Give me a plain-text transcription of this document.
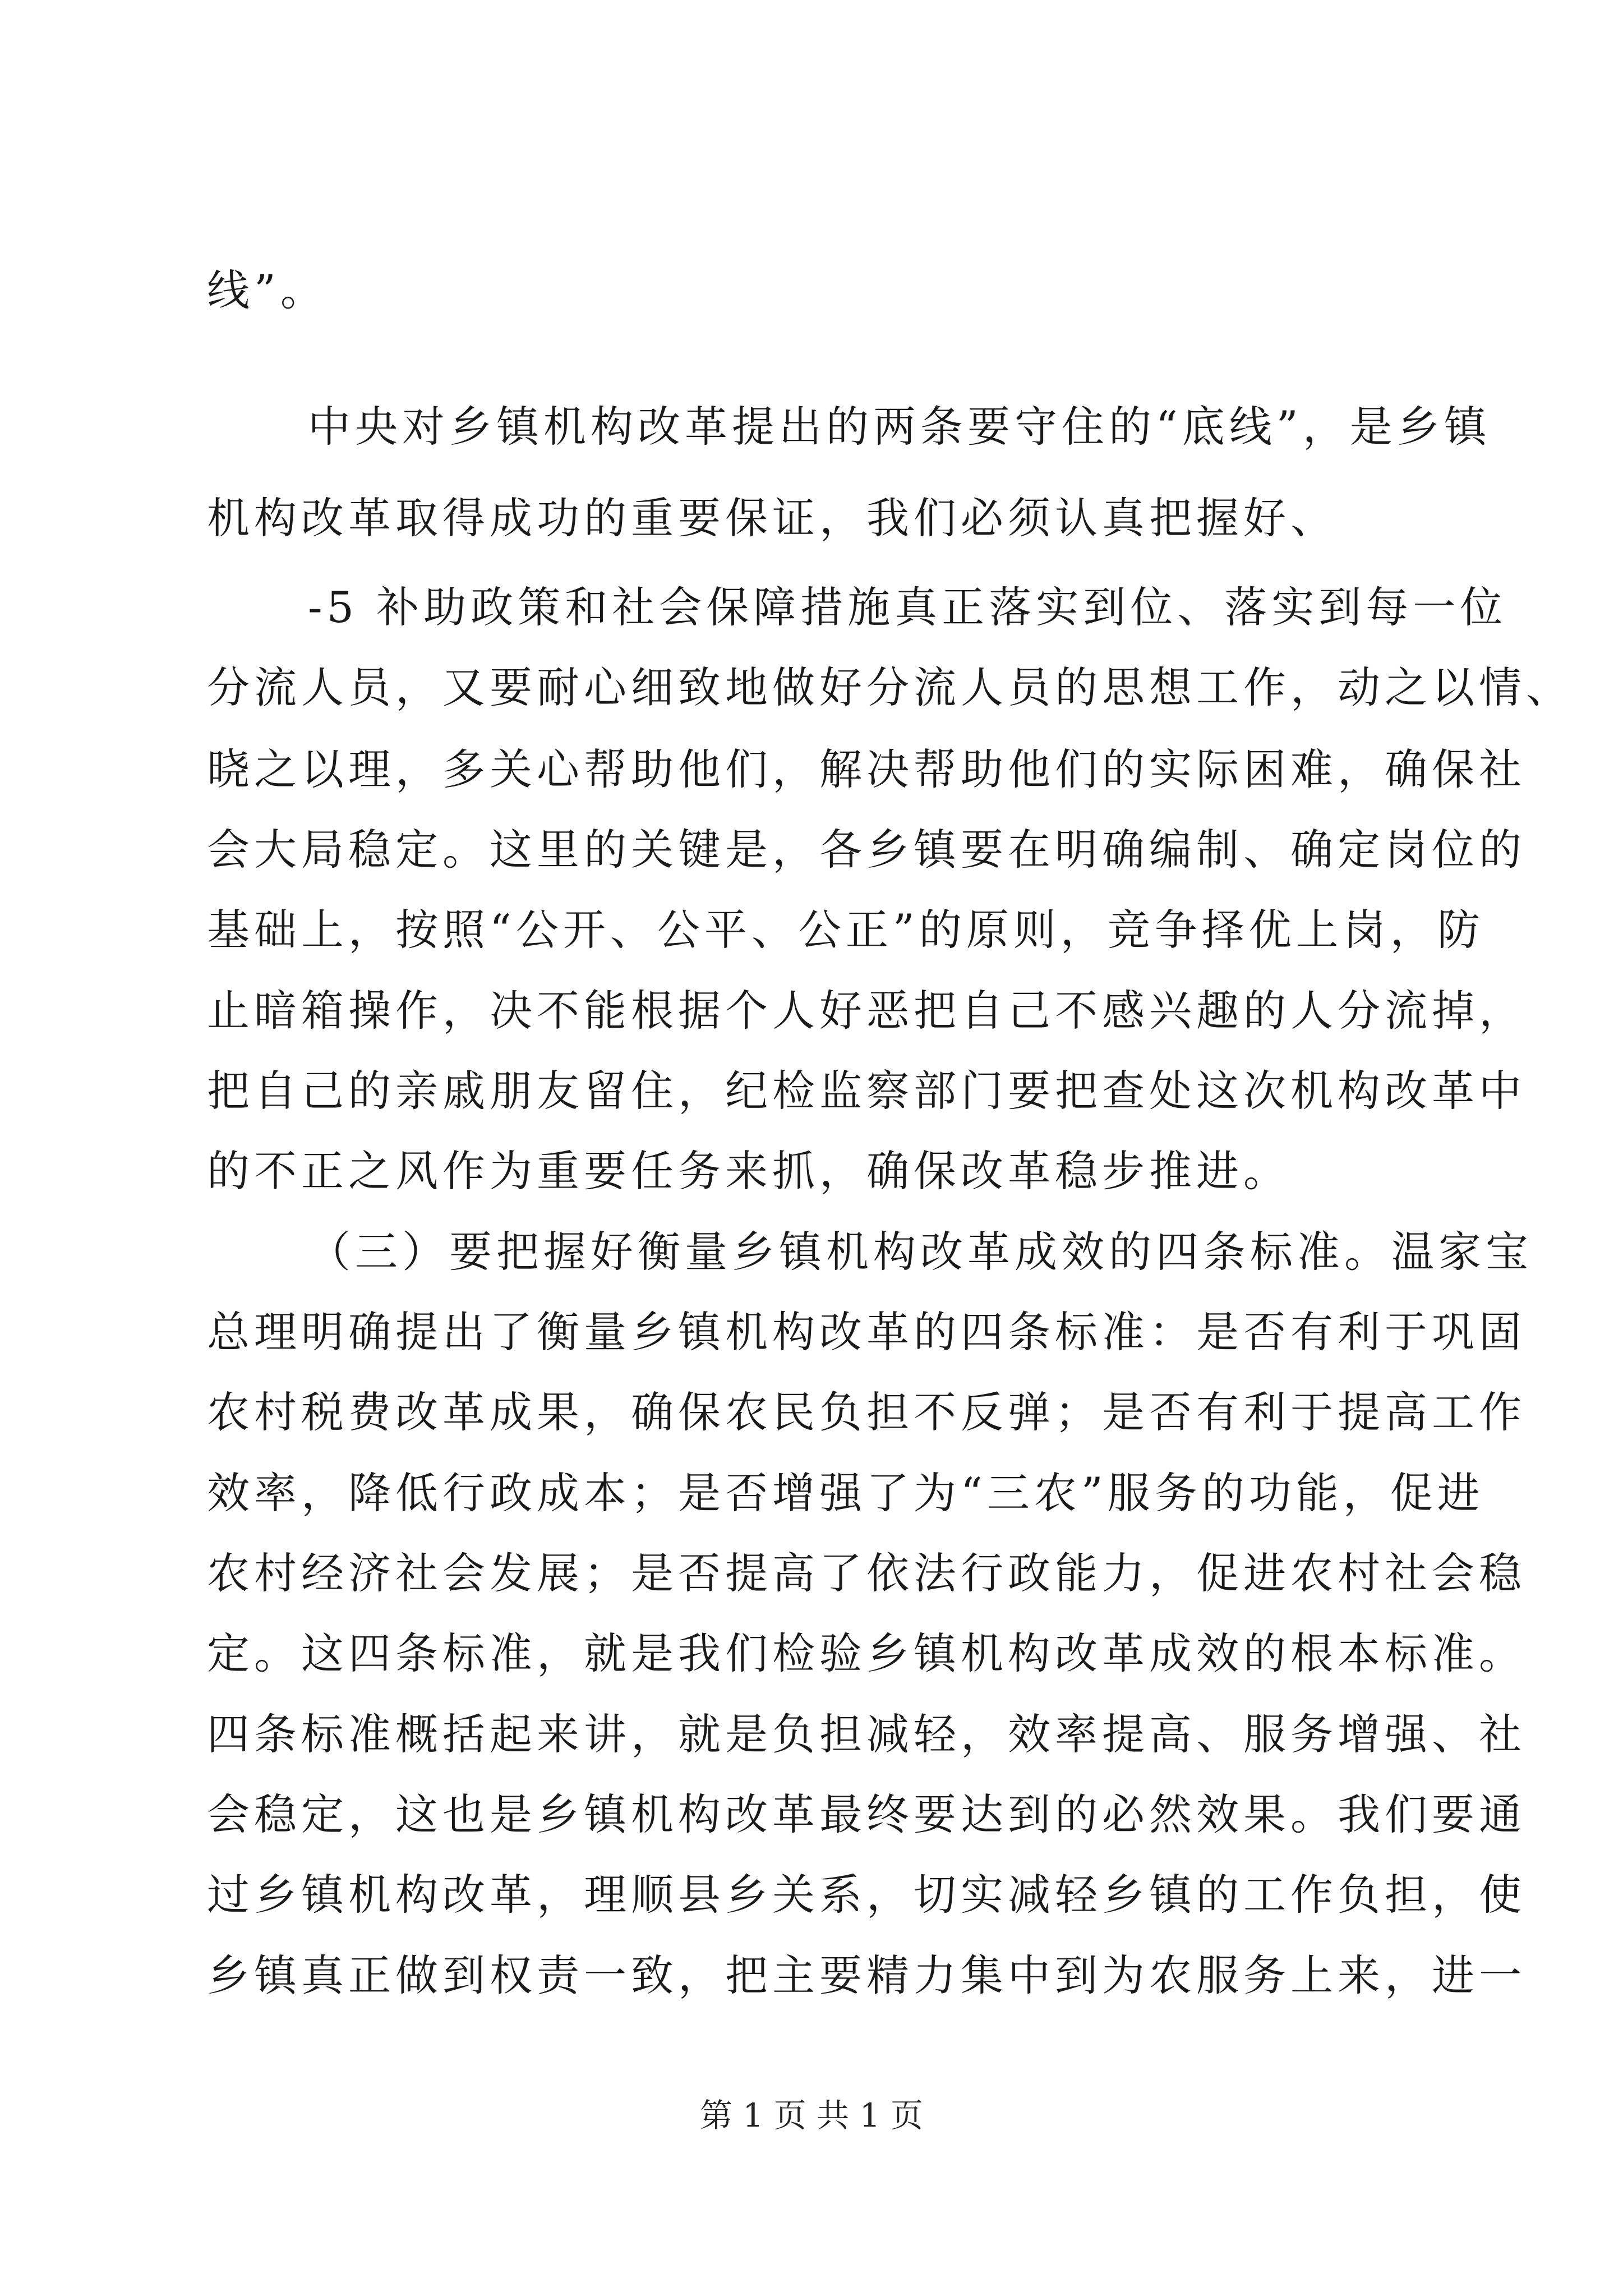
线”。
中央对乡镇机构改革提出的两条要守住的“底线”，是乡镇
机构改革取得成功的重要保证，我们必须认真把握好、
-5 补助政策和社会保障措施真正落实到位、落实到每一位
分流人员，又要耐心细致地做好分流人员的思想工作，动之以情、
晓之以理，多关心帮助他们，解决帮助他们的实际困难，确保社
会大局稳定。这里的关键是，各乡镇要在明确编制、确定岗位的
基础上，按照“公开、公平、公正”的原则，竞争择优上岗，防
止暗箱操作，决不能根据个人好恶把自己不感兴趣的人分流掉，
把自己的亲戚朋友留住，纪检监察部门要把查处这次机构改革中
的不正之风作为重要任务来抓，确保改革稳步推进。
（三）要把握好衡量乡镇机构改革成效的四条标准。温家宝
总理明确提出了衡量乡镇机构改革的四条标准：是否有利于巩固
农村税费改革成果，确保农民负担不反弹；是否有利于提高工作
效率，降低行政成本；是否增强了为“三农”服务的功能，促进
农村经济社会发展；是否提高了依法行政能力，促进农村社会稳
定。这四条标准，就是我们检验乡镇机构改革成效的根本标准。
四条标准概括起来讲，就是负担减轻，效率提高、服务增强、社
会稳定，这也是乡镇机构改革最终要达到的必然效果。我们要通
过乡镇机构改革，理顺县乡关系，切实减轻乡镇的工作负担，使
乡镇真正做到权责一致，把主要精力集中到为农服务上来，进一
第 1 页 共 1 页
